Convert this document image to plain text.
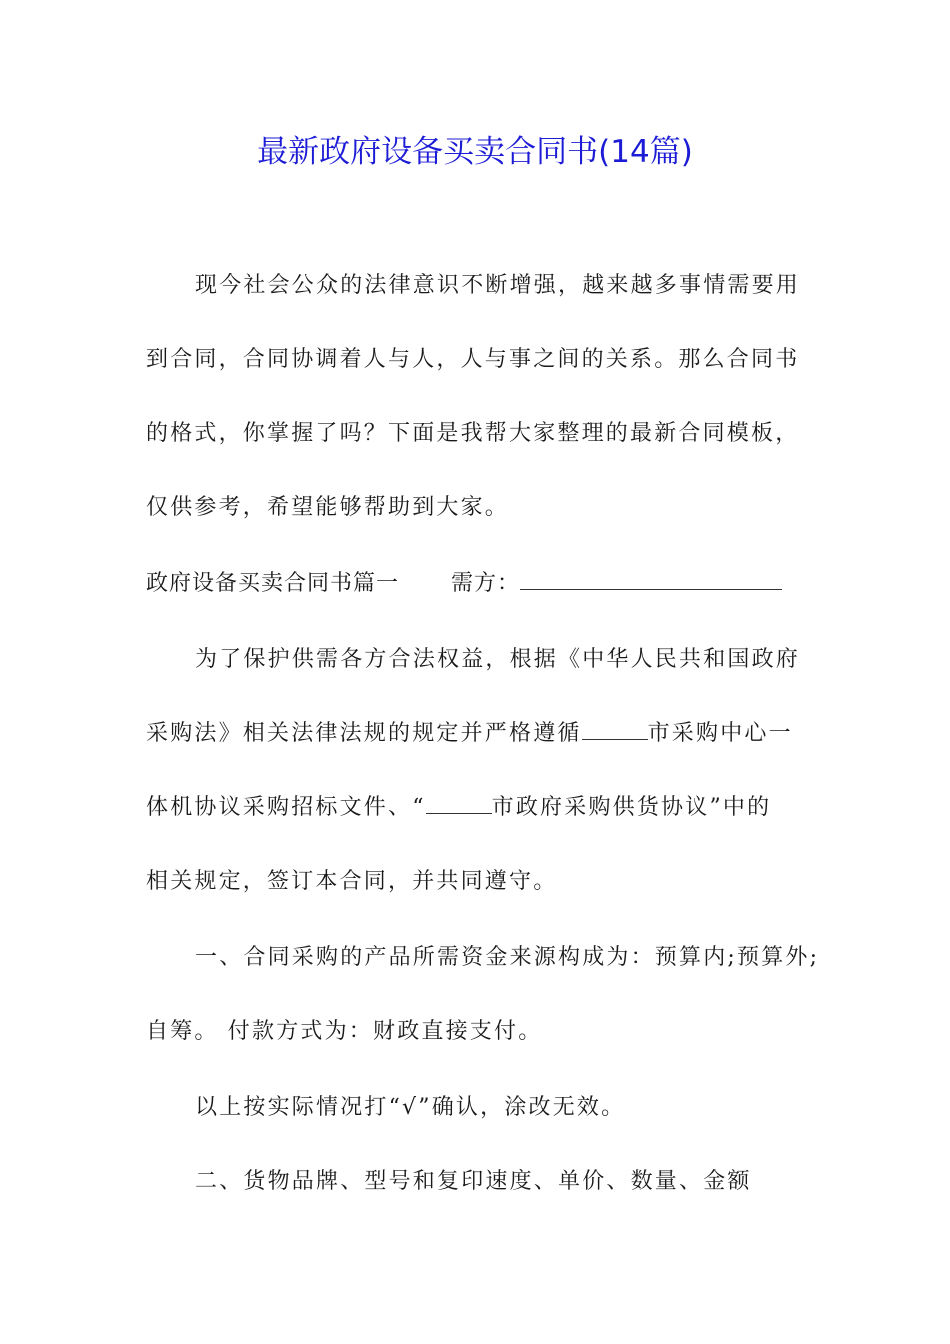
最新政府设备买卖合同书(14篇)
现今社会公众的法律意识不断增强，越来越多事情需要用
到合同，合同协调着人与人，人与事之间的关系。那么合同书
的格式，你掌握了吗？下面是我帮大家整理的最新合同模板，
仅供参考，希望能够帮助到大家。
政府设备买卖合同书篇一 需方：
为了保护供需各方合法权益，根据《中华人民共和国政府
采购法》相关法律法规的规定并严格遵循	市采购中心一
体机协议采购招标文件、“	市政府采购供货协议”中的
相关规定，签订本合同，并共同遵守。
一、合同采购的产品所需资金来源构成为：预算内;预算外;
自筹。 付款方式为：财政直接支付。
以上按实际情况打“√”确认，涂改无效。
二、货物品牌、型号和复印速度、单价、数量、金额
